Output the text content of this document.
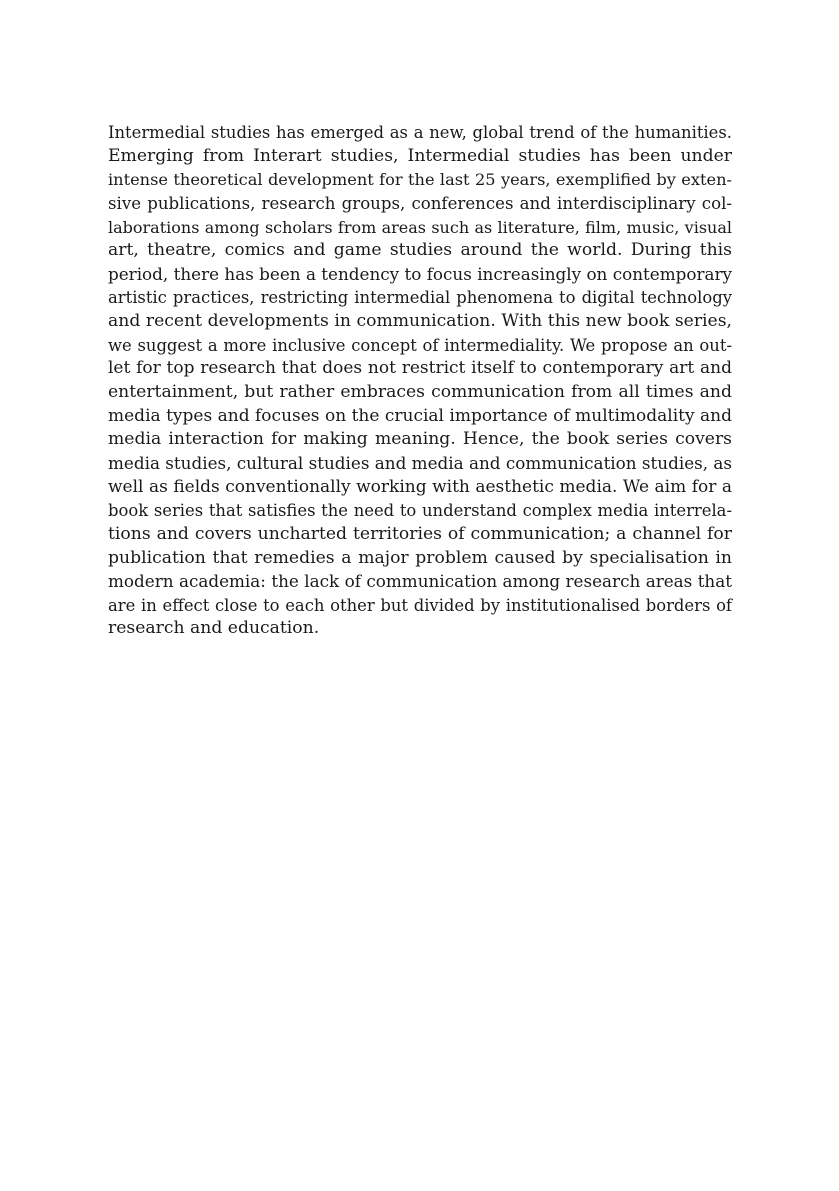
Intermedial studies has emerged as a new, global trend of the humanities.
Emerging from Interart studies, Intermedial studies has been under
intense theoretical development for the last 25 years, exemplified by exten-
sive publications, research groups, conferences and interdisciplinary col-
laborations among scholars from areas such as literature, film, music, visual
art, theatre, comics and game studies around the world. During this
period, there has been a tendency to focus increasingly on contemporary
artistic practices, restricting intermedial phenomena to digital technology
and recent developments in communication. With this new book series,
we suggest a more inclusive concept of intermediality. We propose an out-
let for top research that does not restrict itself to contemporary art and
entertainment, but rather embraces communication from all times and
media types and focuses on the crucial importance of multimodality and
media interaction for making meaning. Hence, the book series covers
media studies, cultural studies and media and communication studies, as
well as fields conventionally working with aesthetic media. We aim for a
book series that satisfies the need to understand complex media interrela-
tions and covers uncharted territories of communication; a channel for
publication that remedies a major problem caused by specialisation in
modern academia: the lack of communication among research areas that
are in effect close to each other but divided by institutionalised borders of
research and education.
